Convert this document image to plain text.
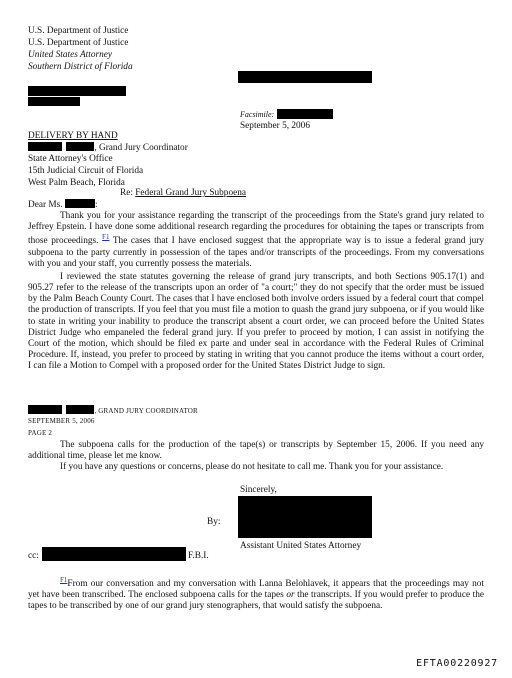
U.S. Department of Justice
U.S. Department of Justice
United States Attorney
Southern District of Florida
Facsimile:
September 5, 2006
DELIVERY BY HAND
, Grand Jury Coordinator
State Attorney's Office
15th Judicial Circuit of Florida
West Palm Beach, Florida
Re: Federal Grand Jury Subpoena
Dear Ms.	:
Thank you for your assistance regarding the transcript of the proceedings from the State's grand jury related to Jeffrey Epstein. I have done some additional research regarding the procedures for obtaining the tapes or transcripts from those proceedings. $^{F1}$ The cases that I have enclosed suggest that the appropriate way is to issue a federal grand jury subpoena to the party currently in possession of the tapes and/or transcripts of the proceedings. From my conversations with you and your staff, you currently possess the materials.
I reviewed the state statutes governing the release of grand jury transcripts, and both Sections 905.17(1) and 905.27 refer to the release of the transcripts upon an order of "a court;" they do not specify that the order must be issued by the Palm Beach County Court. The cases that I have enclosed both involve orders issued by a federal court that compel the production of transcripts. If you feel that you must file a motion to quash the grand jury subpoena, or if you would like to state in writing your inability to produce the transcript absent a court order, we can proceed before the United States District Judge who empaneled the federal grand jury. If you prefer to proceed by motion, I can assist in notifying the Court of the motion, which should be filed ex parte and under seal in accordance with the Federal Rules of Criminal Procedure. If, instead, you prefer to proceed by stating in writing that you cannot produce the items without a court order, I can file a Motion to Compel with a proposed order for the United States District Judge to sign.
, GRAND JURY COORDINATOR
SEPTEMBER 5, 2006
PAGE 2
The subpoena calls for the production of the tape(s) or transcripts by September 15, 2006. If you need any additional time, please let me know.
If you have any questions or concerns, please do not hesitate to call me. Thank you for your assistance.
Sincerely,
By:
Assistant United States Attorney
cc:	F.B.I.
$^{F1}$From our conversation and my conversation with Lanna Belohlavek, it appears that the proceedings may not yet have been transcribed. The enclosed subpoena calls for the tapes or the transcripts. If you would prefer to produce the tapes to be transcribed by one of our grand jury stenographers, that would satisfy the subpoena.
EFTA00220927
